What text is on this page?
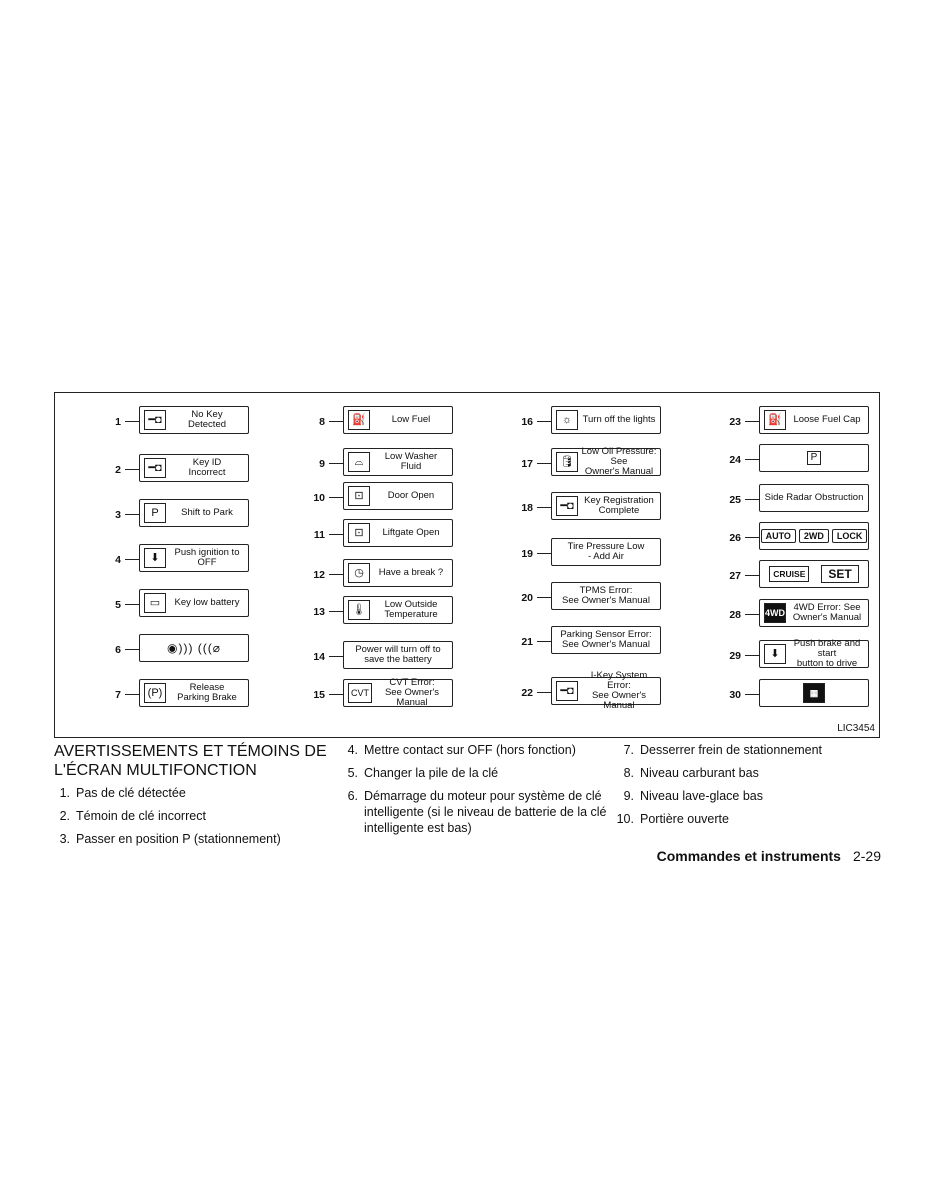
1	━◘	No Key
Detected
2	━◘	Key ID
Incorrect
3	P	Shift to Park
4	⬇	Push ignition to OFF
5	▭	Key low battery
6	◉))) (((⌀
7	(P)	Release
Parking Brake
8	⛽	Low Fuel
9	⌓	Low Washer
Fluid
10	⊡	Door Open
11	⊡	Liftgate Open
12	◷	Have a break ?
13	🌡	Low Outside
Temperature
14
Power will turn off to
save the battery
15	CVT
CVT Error:
See Owner's Manual
16	☼	Turn off the lights
17	🛢
Low Oil Pressure: See
Owner's Manual
18	━◘	Key Registration
Complete
19
Tire Pressure Low
- Add Air
20
TPMS Error:
See Owner's Manual
21
Parking Sensor Error:
See Owner's Manual
22	━◘
I-Key System Error:
See Owner's Manual
23	⛽	Loose Fuel Cap
24	P
25	Side Radar Obstruction
26	AUTO	2WD	LOCK
27	CRUISE	SET
28	4WD 4WD Error: See
Owner's Manual
29	⬇
Push brake and start
button to drive
30	▦
LIC3454
AVERTISSEMENTS ET TÉMOINS DE
L'ÉCRAN MULTIFONCTION
1. Pas de clé détectée
2. Témoin de clé incorrect
3. Passer en position P (stationnement)
4. Mettre contact sur OFF (hors fonction)
5. Changer la pile de la clé
6. Démarrage du moteur pour système de clé intelligente (si le niveau de batterie de la clé intelligente est bas)
7. Desserrer frein de stationnement
8. Niveau carburant bas
9. Niveau lave-glace bas
10. Portière ouverte
Commandes et instruments 2-29
